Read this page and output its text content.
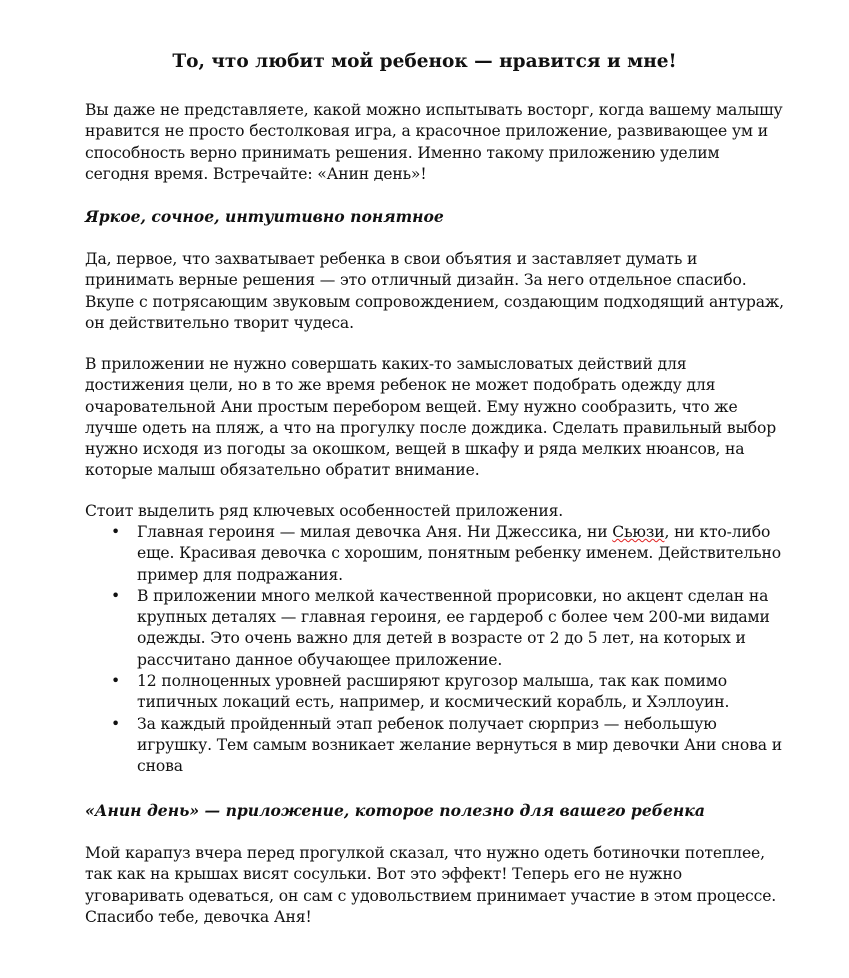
То, что любит мой ребенок — нравится и мне!

Вы даже не представляете, какой можно испытывать восторг, когда вашему малышу нравится не просто бестолковая игра, а красочное приложение, развивающее ум и способность верно принимать решения. Именно такому приложению уделим сегодня время. Встречайте: «Анин день»!

Яркое, сочное, интуитивно понятное

Да, первое, что захватывает ребенка в свои объятия и заставляет думать и принимать верные решения — это отличный дизайн. За него отдельное спасибо. Вкупе с потрясающим звуковым сопровождением, создающим подходящий антураж, он действительно творит чудеса.

В приложении не нужно совершать каких-то замысловатых действий для достижения цели, но в то же время ребенок не может подобрать одежду для очаровательной Ани простым перебором вещей. Ему нужно сообразить, что же лучше одеть на пляж, а что на прогулку после дождика. Сделать правильный выбор нужно исходя из погоды за окошком, вещей в шкафу и ряда мелких нюансов, на которые малыш обязательно обратит внимание.

Стоит выделить ряд ключевых особенностей приложения.

• Главная героиня — милая девочка Аня. Ни Джессика, ни Сьюзи, ни кто-либо еще. Красивая девочка с хорошим, понятным ребенку именем. Действительно пример для подражания.
• В приложении много мелкой качественной прорисовки, но акцент сделан на крупных деталях — главная героиня, ее гардероб с более чем 200-ми видами одежды. Это очень важно для детей в возрасте от 2 до 5 лет, на которых и рассчитано данное обучающее приложение.
• 12 полноценных уровней расширяют кругозор малыша, так как помимо типичных локаций есть, например, и космический корабль, и Хэллоуин.
• За каждый пройденный этап ребенок получает сюрприз — небольшую игрушку. Тем самым возникает желание вернуться в мир девочки Ани снова и снова
«Анин день» — приложение, которое полезно для вашего ребенка

Мой карапуз вчера перед прогулкой сказал, что нужно одеть ботиночки потеплее, так как на крышах висят сосульки. Вот это эффект! Теперь его не нужно уговаривать одеваться, он сам с удовольствием принимает участие в этом процессе. Спасибо тебе, девочка Аня!
